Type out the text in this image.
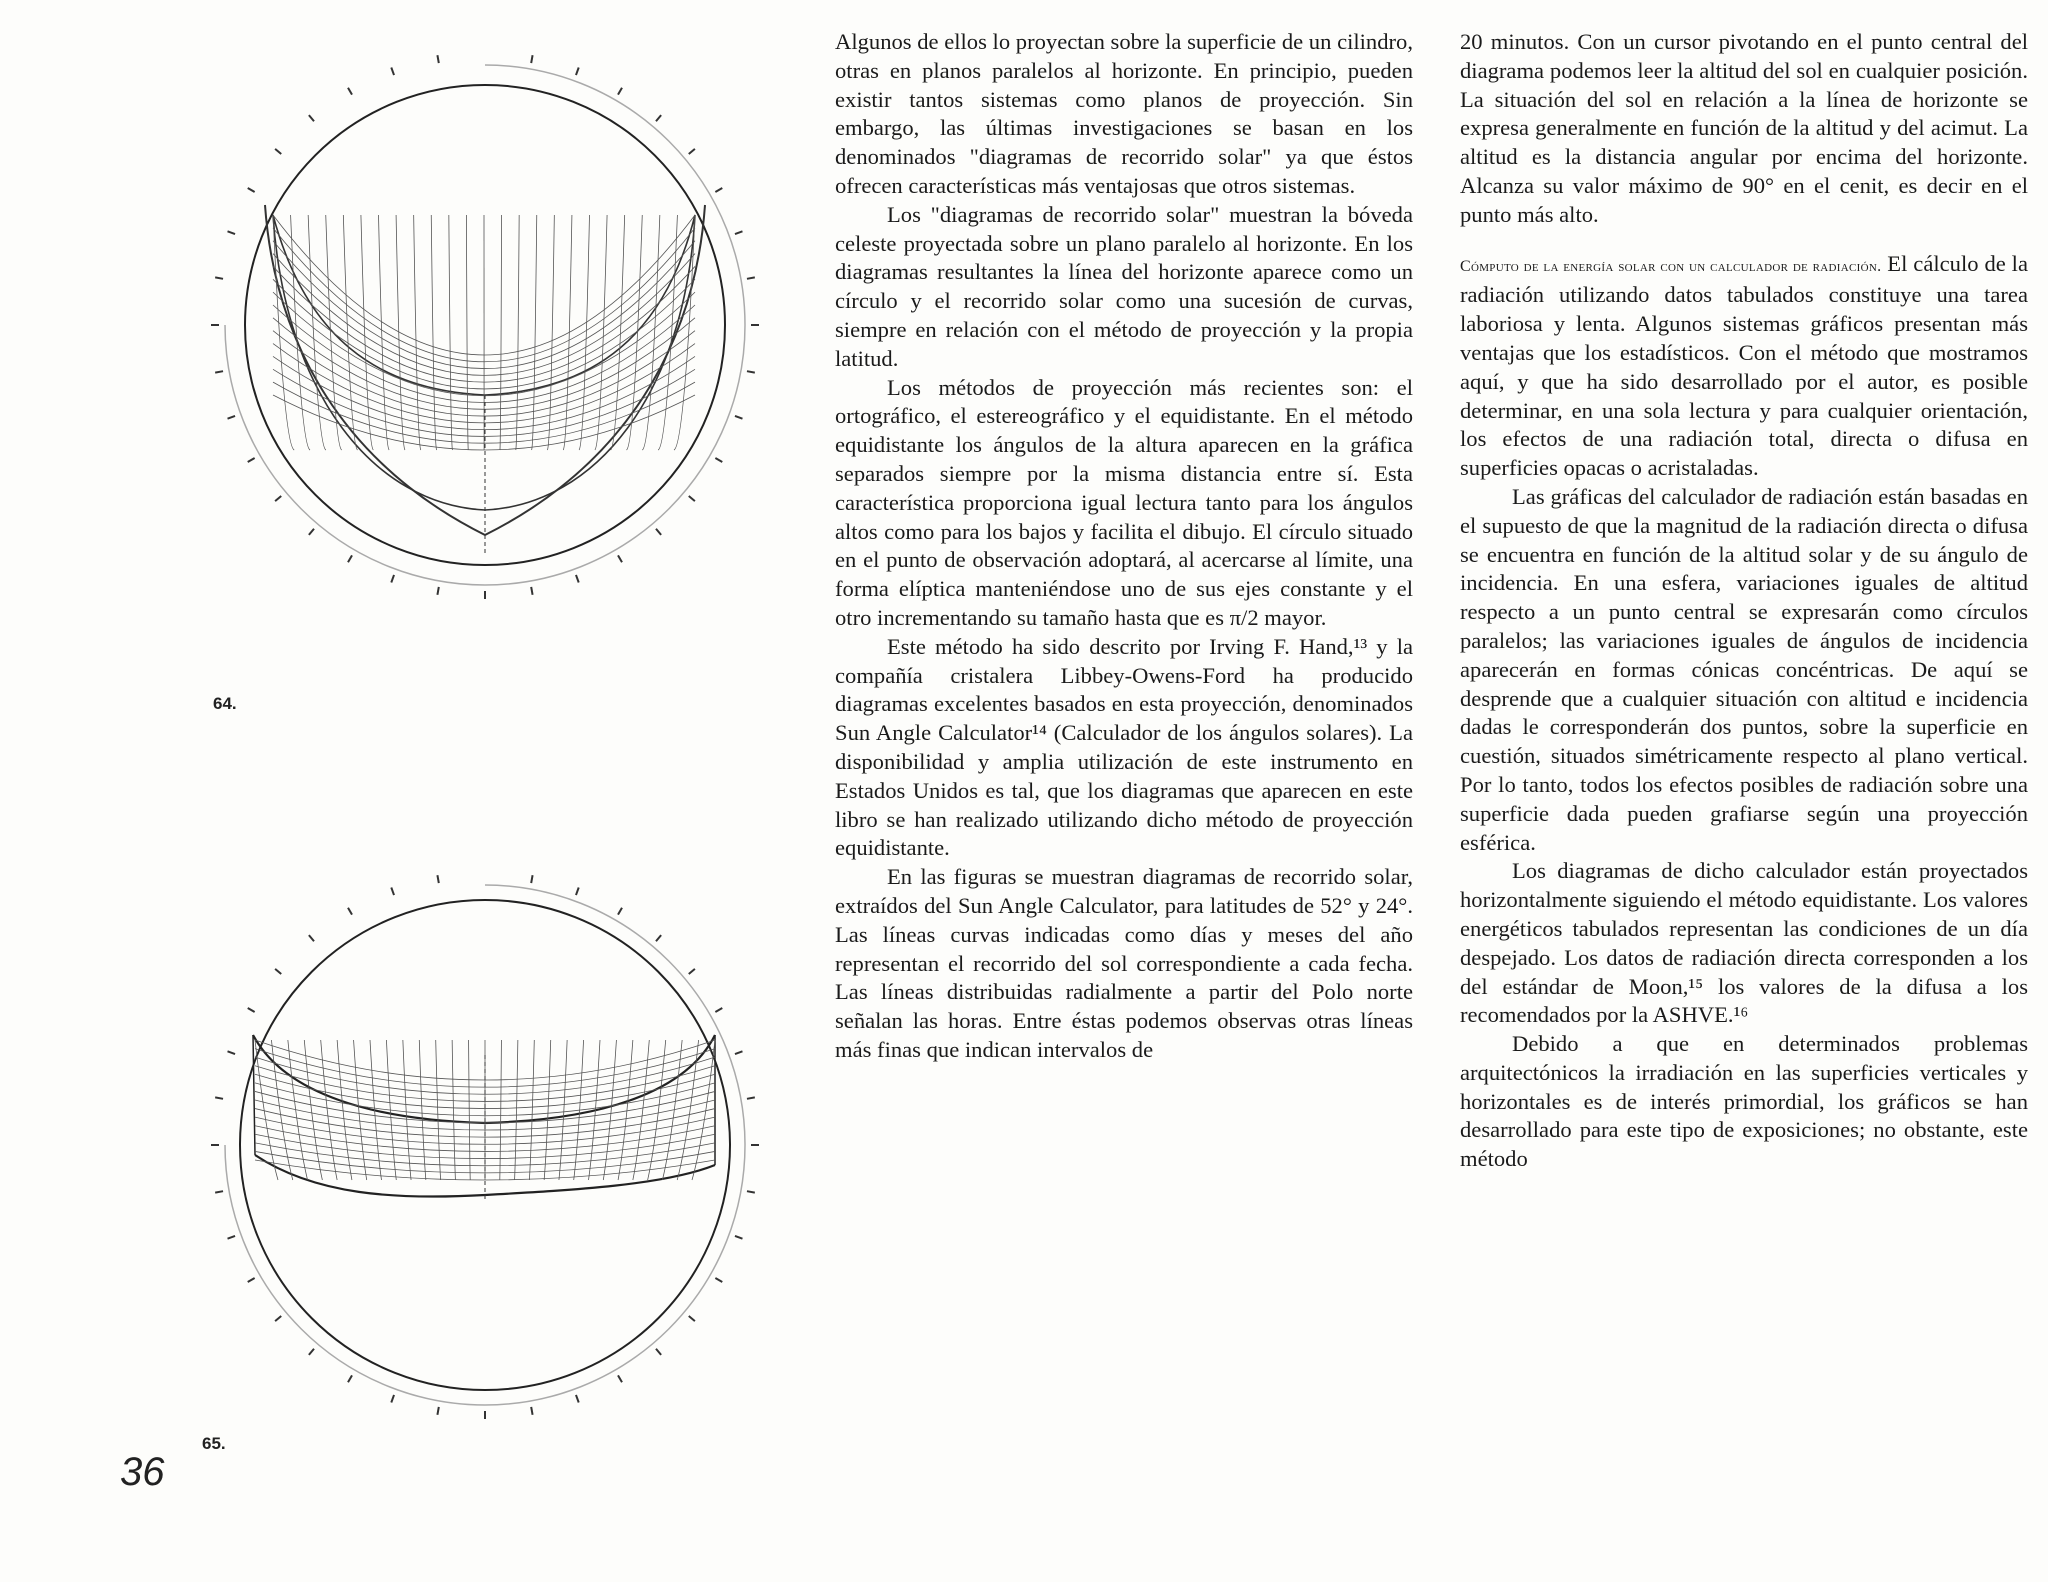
64.
65.
36

Algunos de ellos lo proyectan sobre la superficie de un cilindro, otras en planos paralelos al horizonte. En principio, pueden existir tantos sistemas como planos de proyección. Sin embargo, las últimas investigaciones se basan en los denominados "diagramas de recorrido solar" ya que éstos ofrecen características más ventajosas que otros sistemas.

Los "diagramas de recorrido solar" muestran la bóveda celeste proyectada sobre un plano paralelo al horizonte. En los diagramas resultantes la línea del horizonte aparece como un círculo y el recorrido solar como una sucesión de curvas, siempre en relación con el método de proyección y la propia latitud.

Los métodos de proyección más recientes son: el ortográfico, el estereográfico y el equidistante. En el método equidistante los ángulos de la altura aparecen en la gráfica separados siempre por la misma distancia entre sí. Esta característica proporciona igual lectura tanto para los ángulos altos como para los bajos y facilita el dibujo. El círculo situado en el punto de observación adoptará, al acercarse al límite, una forma elíptica manteniéndose uno de sus ejes constante y el otro incrementando su tamaño hasta que es π/2 mayor.

Este método ha sido descrito por Irving F. Hand,¹³ y la compañía cristalera Libbey-Owens-Ford ha producido diagramas excelentes basados en esta proyección, denominados Sun Angle Calculator¹⁴ (Calculador de los ángulos solares). La disponibilidad y amplia utilización de este instrumento en Estados Unidos es tal, que los diagramas que aparecen en este libro se han realizado utilizando dicho método de proyección equidistante.

En las figuras se muestran diagramas de recorrido solar, extraídos del Sun Angle Calculator, para latitudes de 52° y 24°. Las líneas curvas indicadas como días y meses del año representan el recorrido del sol correspondiente a cada fecha. Las líneas distribuidas radialmente a partir del Polo norte señalan las horas. Entre éstas podemos observas otras líneas más finas que indican intervalos de

20 minutos. Con un cursor pivotando en el punto central del diagrama podemos leer la altitud del sol en cualquier posición. La situación del sol en relación a la línea de horizonte se expresa generalmente en función de la altitud y del acimut. La altitud es la distancia angular por encima del horizonte. Alcanza su valor máximo de 90° en el cenit, es decir en el punto más alto.

Cómputo de la energía solar con un calculador de radiación. El cálculo de la radiación utilizando datos tabulados constituye una tarea laboriosa y lenta. Algunos sistemas gráficos presentan más ventajas que los estadísticos. Con el método que mostramos aquí, y que ha sido desarrollado por el autor, es posible determinar, en una sola lectura y para cualquier orientación, los efectos de una radiación total, directa o difusa en superficies opacas o acristaladas.

Las gráficas del calculador de radiación están basadas en el supuesto de que la magnitud de la radiación directa o difusa se encuentra en función de la altitud solar y de su ángulo de incidencia. En una esfera, variaciones iguales de altitud respecto a un punto central se expresarán como círculos paralelos; las variaciones iguales de ángulos de incidencia aparecerán en formas cónicas concéntricas. De aquí se desprende que a cualquier situación con altitud e incidencia dadas le corresponderán dos puntos, sobre la superficie en cuestión, situados simétricamente respecto al plano vertical. Por lo tanto, todos los efectos posibles de radiación sobre una superficie dada pueden grafiarse según una proyección esférica.

Los diagramas de dicho calculador están proyectados horizontalmente siguiendo el método equidistante. Los valores energéticos tabulados representan las condiciones de un día despejado. Los datos de radiación directa corresponden a los del estándar de Moon,¹⁵ los valores de la difusa a los recomendados por la ASHVE.¹⁶

Debido a que en determinados problemas arquitectónicos la irradiación en las superficies verticales y horizontales es de interés primordial, los gráficos se han desarrollado para este tipo de exposiciones; no obstante, este método
